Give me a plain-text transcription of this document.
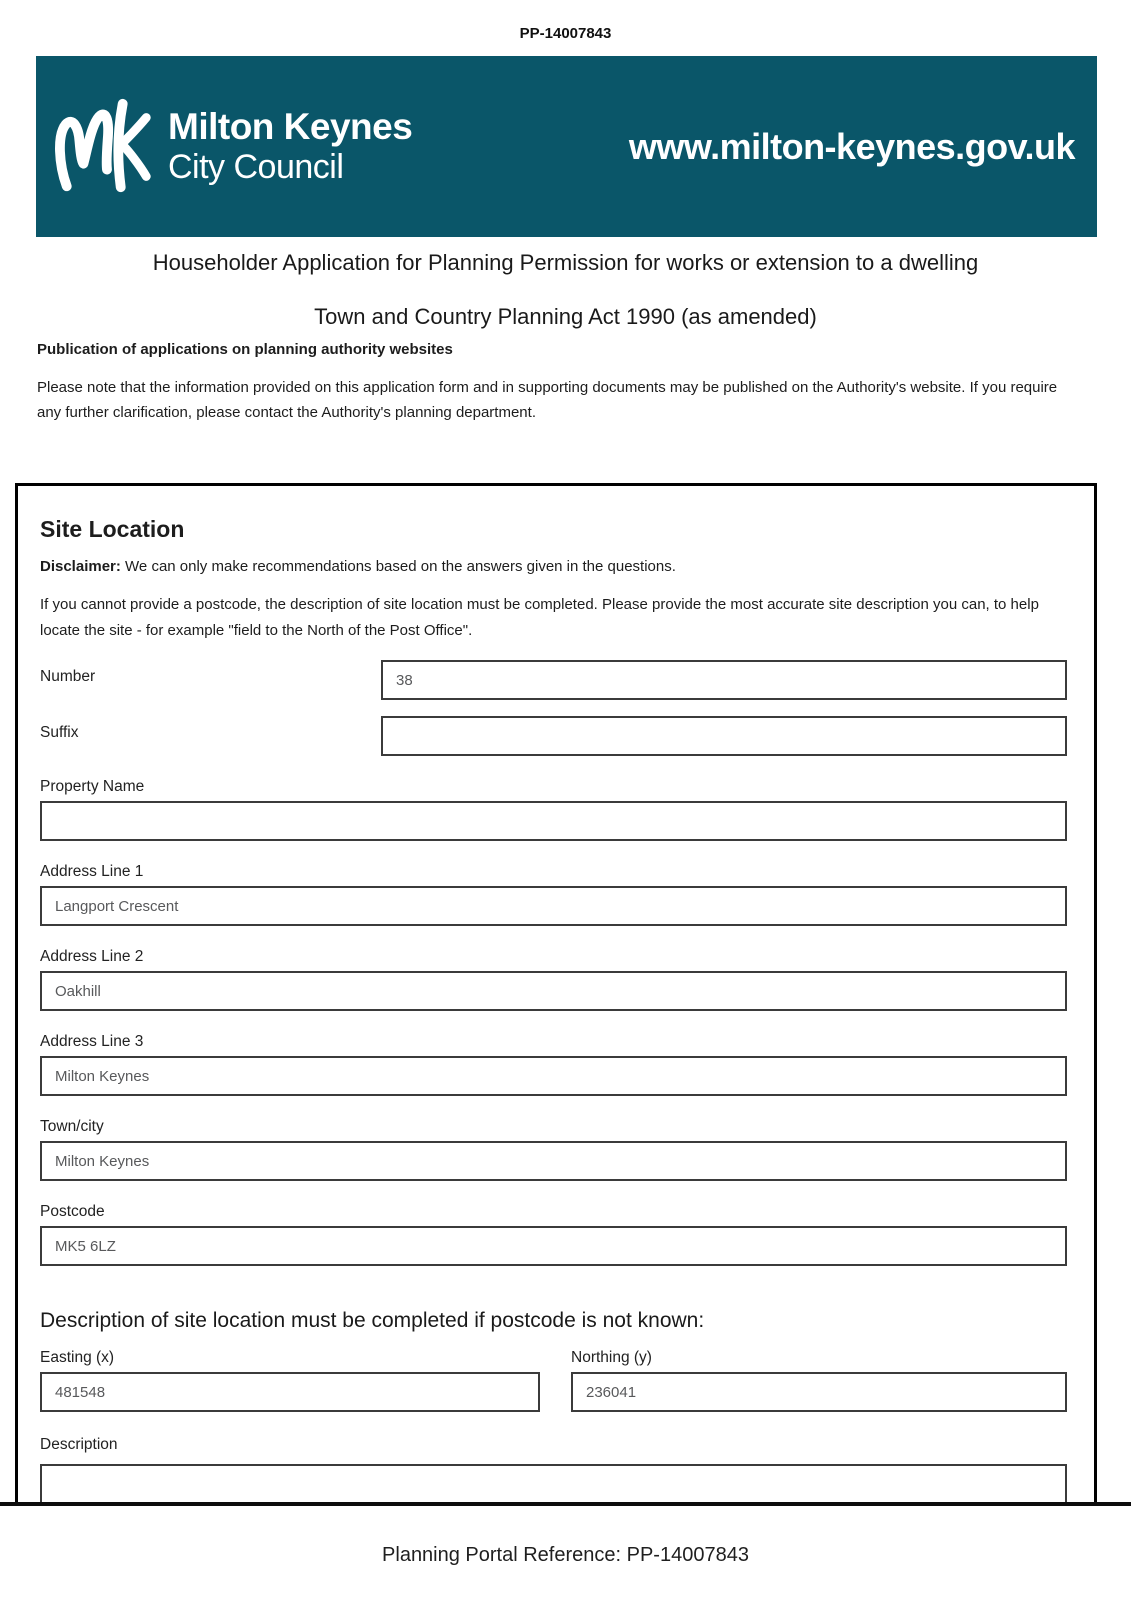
PP-14007843
Milton Keynes
City Council
www.milton-keynes.gov.uk
Householder Application for Planning Permission for works or extension to a dwelling
Town and Country Planning Act 1990 (as amended)
Publication of applications on planning authority websites
Please note that the information provided on this application form and in supporting documents may be published on the Authority's website. If you require any further clarification, please contact the Authority's planning department.
Site Location
Disclaimer: We can only make recommendations based on the answers given in the questions.
If you cannot provide a postcode, the description of site location must be completed. Please provide the most accurate site description you can, to help locate the site - for example "field to the North of the Post Office".
Number
38
Suffix
Property Name
Address Line 1
Langport Crescent
Address Line 2
Oakhill
Address Line 3
Milton Keynes
Town/city
Milton Keynes
Postcode
MK5 6LZ
Description of site location must be completed if postcode is not known:
Easting (x)
481548	Northing (y)
236041
Description
Planning Portal Reference: PP-14007843
